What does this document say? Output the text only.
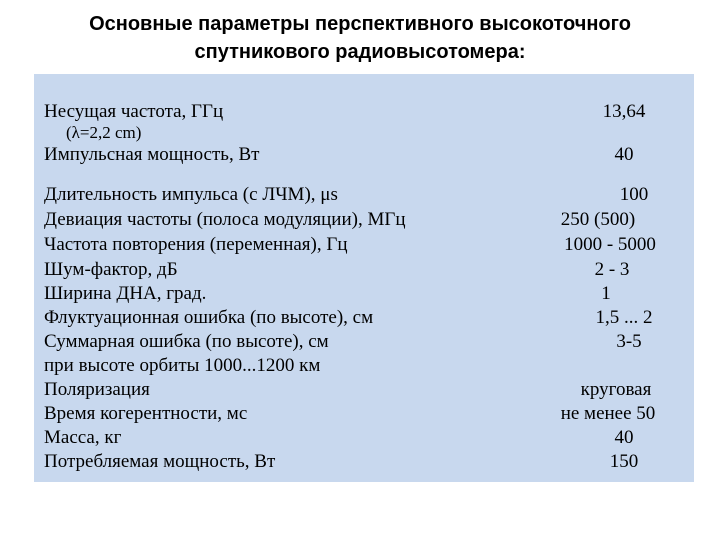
Основные параметры перспективного высокоточного
спутникового радиовысотомера:
Несущая частота, ГГц	13,64
(λ=2,2 cm)
Импульсная мощность, Вт	40
Длительность импульса (с ЛЧМ), μs	100
Девиация частоты (полоса модуляции), МГц	250 (500)
Частота повторения (переменная), Гц	1000 - 5000
Шум-фактор, дБ	2 - 3
Ширина ДНА, град.	1
Флуктуационная ошибка (по высоте), см	1,5 ... 2
Суммарная ошибка (по высоте), см	3-5
при высоте орбиты 1000...1200 км
Поляризация	круговая
Время когерентности, мс	не менее 50
Масса, кг	40
Потребляемая мощность, Вт	150
